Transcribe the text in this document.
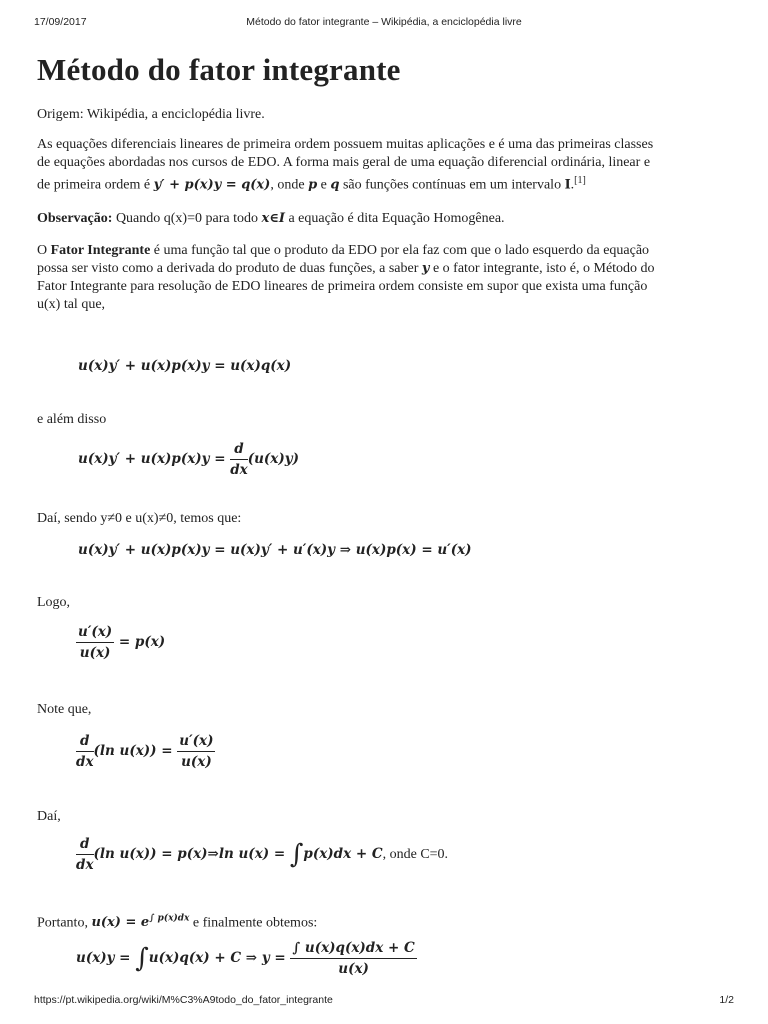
17/09/2017	Método do fator integrante – Wikipédia, a enciclopédia livre
Método do fator integrante

Origem: Wikipédia, a enciclopédia livre.

As equações diferenciais lineares de primeira ordem possuem muitas aplicações e é uma das primeiras classes

de equações abordadas nos cursos de EDO. A forma mais geral de uma equação diferencial ordinária, linear e

de primeira ordem é y′ + p(x)y = q(x), onde p e q são funções contínuas em um intervalo I.[1]

Observação: Quando q(x)=0 para todo x∈I a equação é dita Equação Homogênea.

O Fator Integrante é uma função tal que o produto da EDO por ela faz com que o lado esquerdo da equação

possa ser visto como a derivada do produto de duas funções, a saber y e o fator integrante, isto é, o Método do

Fator Integrante para resolução de EDO lineares de primeira ordem consiste em supor que exista uma função

u(x) tal que,

u(x)y′ + u(x)p(x)y = u(x)q(x)

e além disso

$u(x)y' + u(x)p(x)y = \frac{d}{dx} (u(x)y)$

Daí, sendo y≠0 e u(x)≠0, temos que:

u(x)y′ + u(x)p(x)y = u(x)y′ + u′(x)y ⇒ u(x)p(x) = u′(x)

Logo,

$\frac{u'(x)}{u(x)} = p(x)$

Note que,

$\frac{d}{dx} (\ln$ $u(x)) = \frac{u'(x)}{u(x)}$

Daí,

$\frac{d}{dx} (\ln$ u(x)) = p(x)⇒ln u(x) = ∫p(x)dx + C, onde C=0.

Portanto, $u(x) = e^{\int p(x)dx}$ e finalmente obtemos:

u(x)y = ∫u(x)q(x) + C ⇒ $y = \frac{\int u(x)q(x)dx + C}{u(x)}$
https://pt.wikipedia.org/wiki/M%C3%A9todo_do_fator_integrante	1/2
